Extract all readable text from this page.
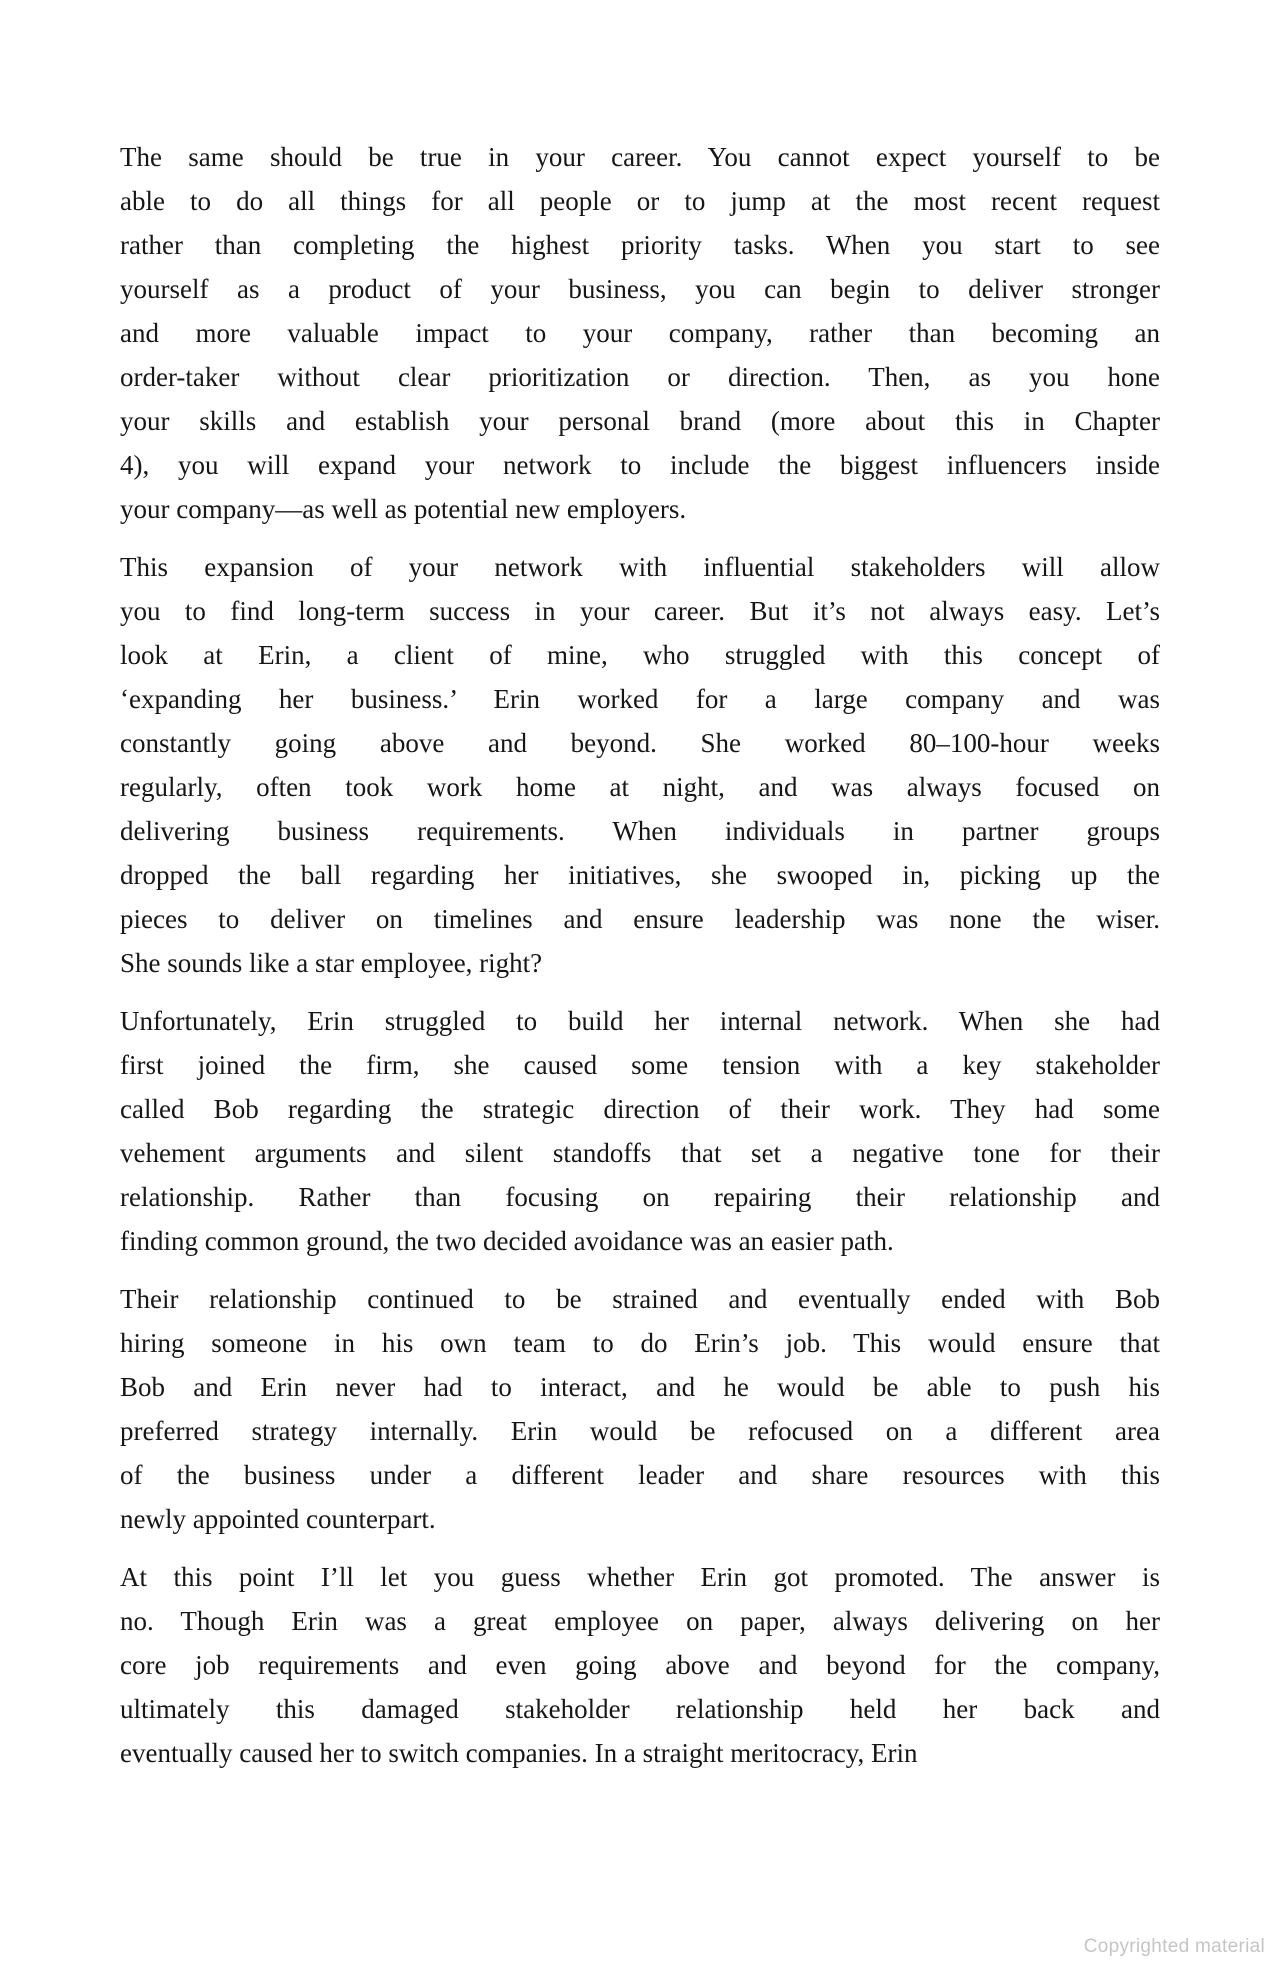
The same should be true in your career. You cannot expect yourself to be
able to do all things for all people or to jump at the most recent request
rather than completing the highest priority tasks. When you start to see
yourself as a product of your business, you can begin to deliver stronger
and more valuable impact to your company, rather than becoming an
order-taker without clear prioritization or direction. Then, as you hone
your skills and establish your personal brand (more about this in Chapter
4), you will expand your network to include the biggest influencers inside
your company—as well as potential new employers.
This expansion of your network with influential stakeholders will allow
you to find long-term success in your career. But it’s not always easy. Let’s
look at Erin, a client of mine, who struggled with this concept of
‘expanding her business.’ Erin worked for a large company and was
constantly going above and beyond. She worked 80–100-hour weeks
regularly, often took work home at night, and was always focused on
delivering business requirements. When individuals in partner groups
dropped the ball regarding her initiatives, she swooped in, picking up the
pieces to deliver on timelines and ensure leadership was none the wiser.
She sounds like a star employee, right?
Unfortunately, Erin struggled to build her internal network. When she had
first joined the firm, she caused some tension with a key stakeholder
called Bob regarding the strategic direction of their work. They had some
vehement arguments and silent standoffs that set a negative tone for their
relationship. Rather than focusing on repairing their relationship and
finding common ground, the two decided avoidance was an easier path.
Their relationship continued to be strained and eventually ended with Bob
hiring someone in his own team to do Erin’s job. This would ensure that
Bob and Erin never had to interact, and he would be able to push his
preferred strategy internally. Erin would be refocused on a different area
of the business under a different leader and share resources with this
newly appointed counterpart.
At this point I’ll let you guess whether Erin got promoted. The answer is
no. Though Erin was a great employee on paper, always delivering on her
core job requirements and even going above and beyond for the company,
ultimately this damaged stakeholder relationship held her back and
eventually caused her to switch companies. In a straight meritocracy, Erin
Copyrighted material
